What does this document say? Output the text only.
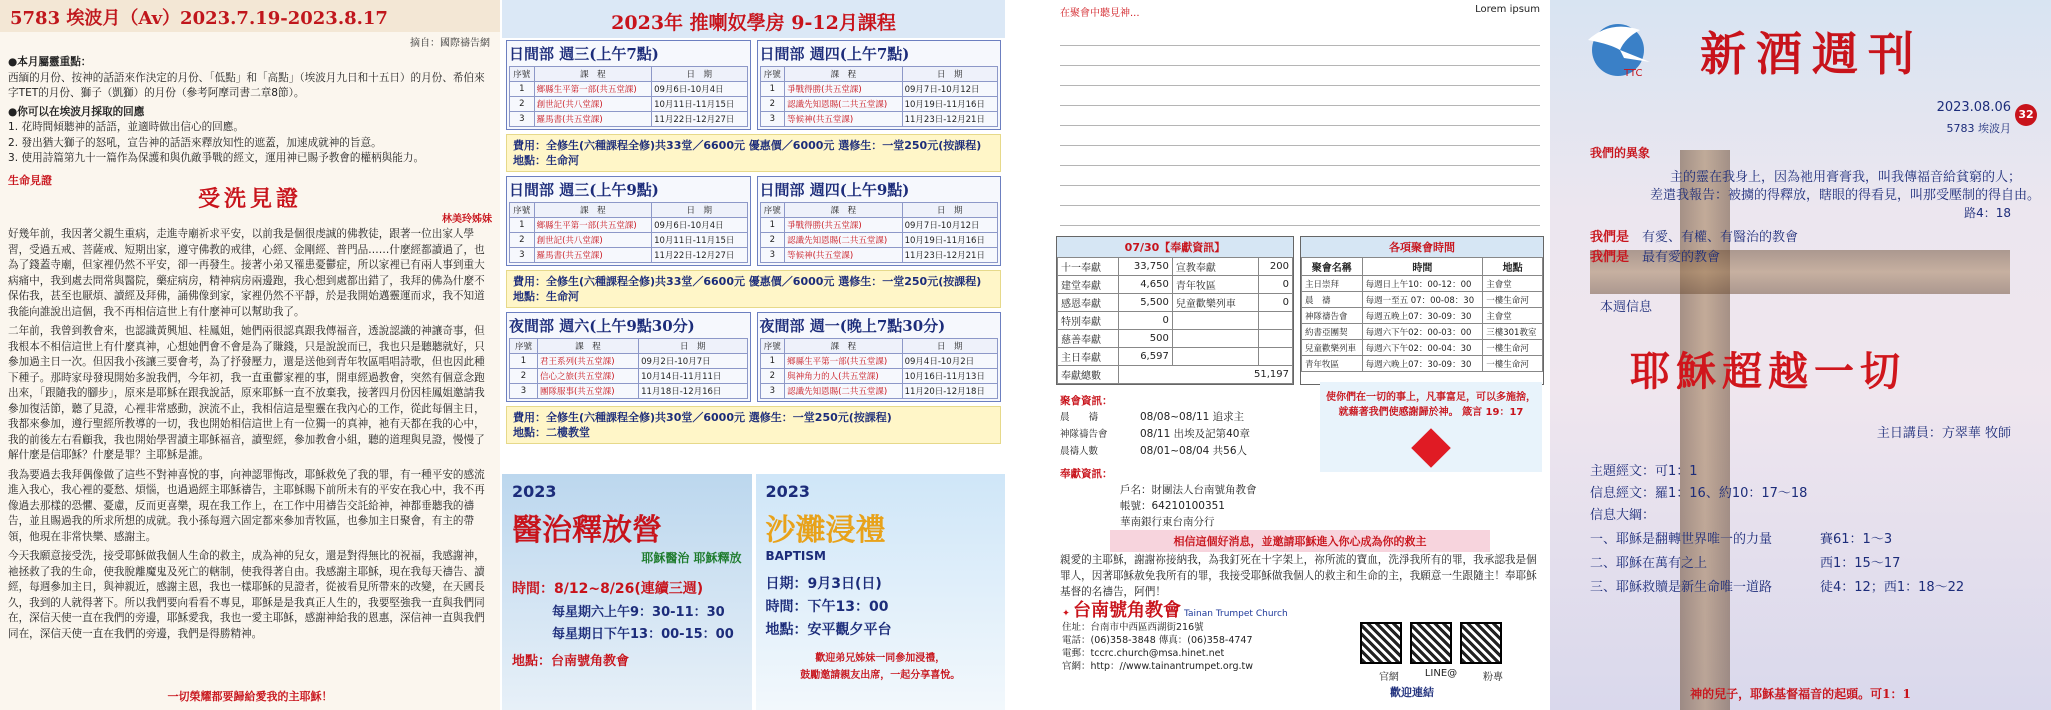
5783 埃波月（Av）2023.7.19-2023.8.17
摘自：國際禱告網

●本月屬靈重點：

西緬的月份、按神的話語來作決定的月份、「低點」和「高點」（埃波月九日和十五日）的月份、希伯來字TET的月份、獅子（凱獅）的月份（參考阿摩司書二章8節）。

●你可以在埃波月採取的回應

1. 花時間傾聽神的話語，並適時做出信心的回應。

2. 發出猶大獅子的怒吼，宣告神的話語來釋放知性的遮蓋，加速成就神的旨意。

3. 使用詩篇第九十一篇作為保護和與仇敵爭戰的經文，運用神已賜予教會的權柄與能力。

生命見證
受洗見證
林美玲姊妹

好幾年前，我因著父親生重病，走進寺廟祈求平安，以前我是個很虔誠的佛教徒，跟著一位出家人學習，受過五戒、菩薩戒、短期出家，遵守佛教的戒律，心經、金剛經、普門品……什麼經都讀過了，也為了錢蓋寺廟，但家裡仍然不平安，卻一再發生。接著小弟又罹患憂鬱症，所以家裡已有兩人事到重大病痛中，我到處去問常與醫院，藥症病房，精神病房兩邊跑，我心想到處都出錯了，我拜的佛為什麼不保佑我，甚至也厭煩、讀經及拜佛，誦佛像到家，家裡仍然不平靜，於是我開始邁靈運而求，我不知道我能向誰說出這個，我不再相信這世上有什麼神可以幫助我了。

二年前，我曾到教會來，也認識黃興旭、桂鳳姐，她們兩很認真跟我傳福音，透說認識的神讓奇事，但我根本不相信這世上有什麼真神，心想她們會不會是為了賺錢，只是說說而已，我也只是聽聽就好，只參加過主日一次。但因我小孩讓三要會考，為了抒發壓力，還是送他到青年牧區唱唱詩歌，但也因此種下種子。那時家母發現開始多說我們，今年初，我一直重鬱家裡的事，開車經過教會，突然有個意念跑出來，「跟隨我的腳步」，原來是耶穌在跟我說話，原來耶穌一直不放棄我，接著四月份因桂鳳姐邀請我參加復活節，聽了見證，心裡非常感動，淚流不止，我相信這是聖靈在我內心的工作，從此每個主日，我都來參加，遵行聖經所教導的一切，我也開始相信這世上有一位獨一的真神，祂有天都在我的心中，我的前後左右看顧我，我也開始學習讀主耶穌福音，讀聖經，參加教會小組，聽的道理與見證，慢慢了解什麼是信耶穌？什麼是罪？主耶穌是誰。

我為要過去我拜偶像做了這些不對神喜悅的事，向神認罪悔改，耶穌救免了我的罪，有一種平安的感流進入我心，我心裡的憂愁、煩惱，也過過經主耶穌禱告，主耶穌賜下前所未有的平安在我心中，我不再像過去那樣的恐懼、憂慮，反而更喜樂，現在我工作上，在工作中用禱告交託給神，神都垂聽我的禱告，並且賜過我的所求所想的成就。我小孫每週六固定都來參加青牧區，也參加主日聚會，有主的帶領，他現在非常快樂、感謝主。

今天我願意接受洗，接受耶穌做我個人生命的救主，成為神的兒女，還是對得無比的祝福，我感謝神，祂拯救了我的生命，使我脫離魔鬼及死亡的轄制，使我得著自由。我感謝主耶穌，現在我每天禱告、讀經，每週參加主日，與神親近，感謝主恩，我也一樣耶穌的見證者，從被看見所帶來的改變，在天國長久，我到的人就得著下。所以我們要向看看不專見，耶穌是是我真正人生的，我要堅強我一直與我們同在，深信天使一直在我們的旁邊，耶穌愛我，我也一愛主耶穌，感謝神給我的恩惠，深信神一直與我們同在，深信天使一直在我們的旁邊，我們是得勝精神。

一切榮耀都要歸給愛我的主耶穌！
2023年 推喇奴學房 9-12月課程
日間部 週三(上午7點)
序號	課　程	日　期
1	鄉縣生平第一部(共五堂課)	09月6日-10月4日
2	創世記(共八堂課)	10月11日-11月15日
3	羅馬書(共五堂課)	11月22日-12月27日
日間部 週四(上午7點)
序號	課　程	日　期
1	爭戰得勝(共五堂課)	09月7日-10月12日
2	認識先知恩賜(二共五堂課)	10月19日-11月16日
3	等候神(共五堂課)	11月23日-12月21日
費用：全修生(六種課程全修)共33堂／6600元 優惠價／6000元 選修生：一堂250元(按課程)
地點：生命河
日間部 週三(上午9點)
序號	課　程	日　期
1	鄉縣生平第一部(共五堂課)	09月6日-10月4日
2	創世記(共八堂課)	10月11日-11月15日
3	羅馬書(共五堂課)	11月22日-12月27日
日間部 週四(上午9點)
序號	課　程	日　期
1	爭戰得勝(共五堂課)	09月7日-10月12日
2	認識先知恩賜(二共五堂課)	10月19日-11月16日
3	等候神(共五堂課)	11月23日-12月21日
費用：全修生(六種課程全修)共33堂／6600元 優惠價／6000元 選修生：一堂250元(按課程)
地點：生命河
夜間部 週六(上午9點30分)
序號	課　程	日　期
1	君王系列(共五堂課)	09月2日-10月7日
2	信心之旅(共五堂課)	10月14日-11月11日
3	團隊服事(共五堂課)	11月18日-12月16日
夜間部 週一(晚上7點30分)
序號	課　程	日　期
1	鄉縣生平第一部(共五堂課)	09月4日-10月2日
2	與神角力的人(共五堂課)	10月16日-11月13日
3	認識先知恩賜(二共五堂課)	11月20日-12月18日
費用：全修生(六種課程全修)共30堂／6000元 選修生：一堂250元(按課程)
地點：二樓教堂
2023
醫治釋放營
耶穌醫治 耶穌釋放
時間：8/12~8/26(連續三週)
每星期六上午9：30-11：30
每星期日下午13：00-15：00
地點：台南號角教會
2023
沙灘浸禮
BAPTISM
日期：9月3日(日)
時間：下午13：00
地點：安平觀夕平台
歡迎弟兄姊妹一同參加浸禮，
鼓勵邀請親友出席，一起分享喜悅。
在聚會中聽見神...	Lorem ipsum
07/30【奉獻資訊】
十一奉獻	33,750	宣教奉獻	200
建堂奉獻	4,650	青年牧區	0
感恩奉獻	5,500	兒童歡樂列車	0
特別奉獻	0		
慈善奉獻	500		
主日奉獻	6,597		
奉獻總數	51,197		
各項聚會時間
聚會名稱	時間	地點
主日崇拜	每週日上午10：00-12：00	主會堂
晨　禱	每週一至五 07：00-08：30	一樓生命河
神隊禱告會	每週五晚上07：30-09：30	主會堂
約書亞團契	每週六下午02：00-03：00	三樓301教室
兒童歡樂列車	每週六下午02：00-04：30	一樓生命河
青年牧區	每週六晚上07：30-09：30	一樓生命河
聚會資訊：
晨　　禱	08/08~08/11 追求主
神隊禱告會	08/11 出埃及記第40章
晨禱人數	08/01~08/04 共56人
奉獻資訊：
戶名：財團法人台南號角教會
帳號：64210100351
華南銀行東台南分行
使你們在一切的事上，凡事富足，可以多施捨，就藉著我們使感謝歸於神。 箴言 19：17
相信這個好消息，並邀請耶穌進入你心成為你的救主
親愛的主耶穌，謝謝祢接納我，為我釘死在十字架上，祢所流的寶血，洗淨我所有的罪，我承認我是個罪人，因著耶穌赦免我所有的罪，我接受耶穌做我個人的救主和生命的主，我願意一生跟隨主！奉耶穌基督的名禱告，阿們！
✦ 台南號角教會 Tainan Trumpet Church
住址：台南市中西區西湖街216號
電話：(06)358-3848 傳真：(06)358-4747
電郵：tccrc.church@msa.hinet.net
官網：http：//www.tainantrumpet.org.tw
官網	LINE@	粉專
歡迎連結
TTC 新酒週刊
2023.08.06
5783 埃波月
32
我們的異象
主的靈在我身上，因為祂用膏膏我，叫我傳福音給貧窮的人；
差遣我報告：被擄的得釋放，瞎眼的得看見，叫那受壓制的得自由。
路4：18
我們是　 有愛、有權、有醫治的教會
我們是　 最有愛的教會
本週信息
耶穌超越一切
主日講員：方翠華 牧師
主題經文：可1：1
信息經文：羅1：16、約10：17～18
信息大綱：
一、耶穌是翻轉世界唯一的力量	賽61：1～3
二、耶穌在萬有之上	西1：15～17
三、耶穌救贖是新生命唯一道路	徒4：12；西1：18～22
神的兒子，耶穌基督福音的起頭。可1：1
